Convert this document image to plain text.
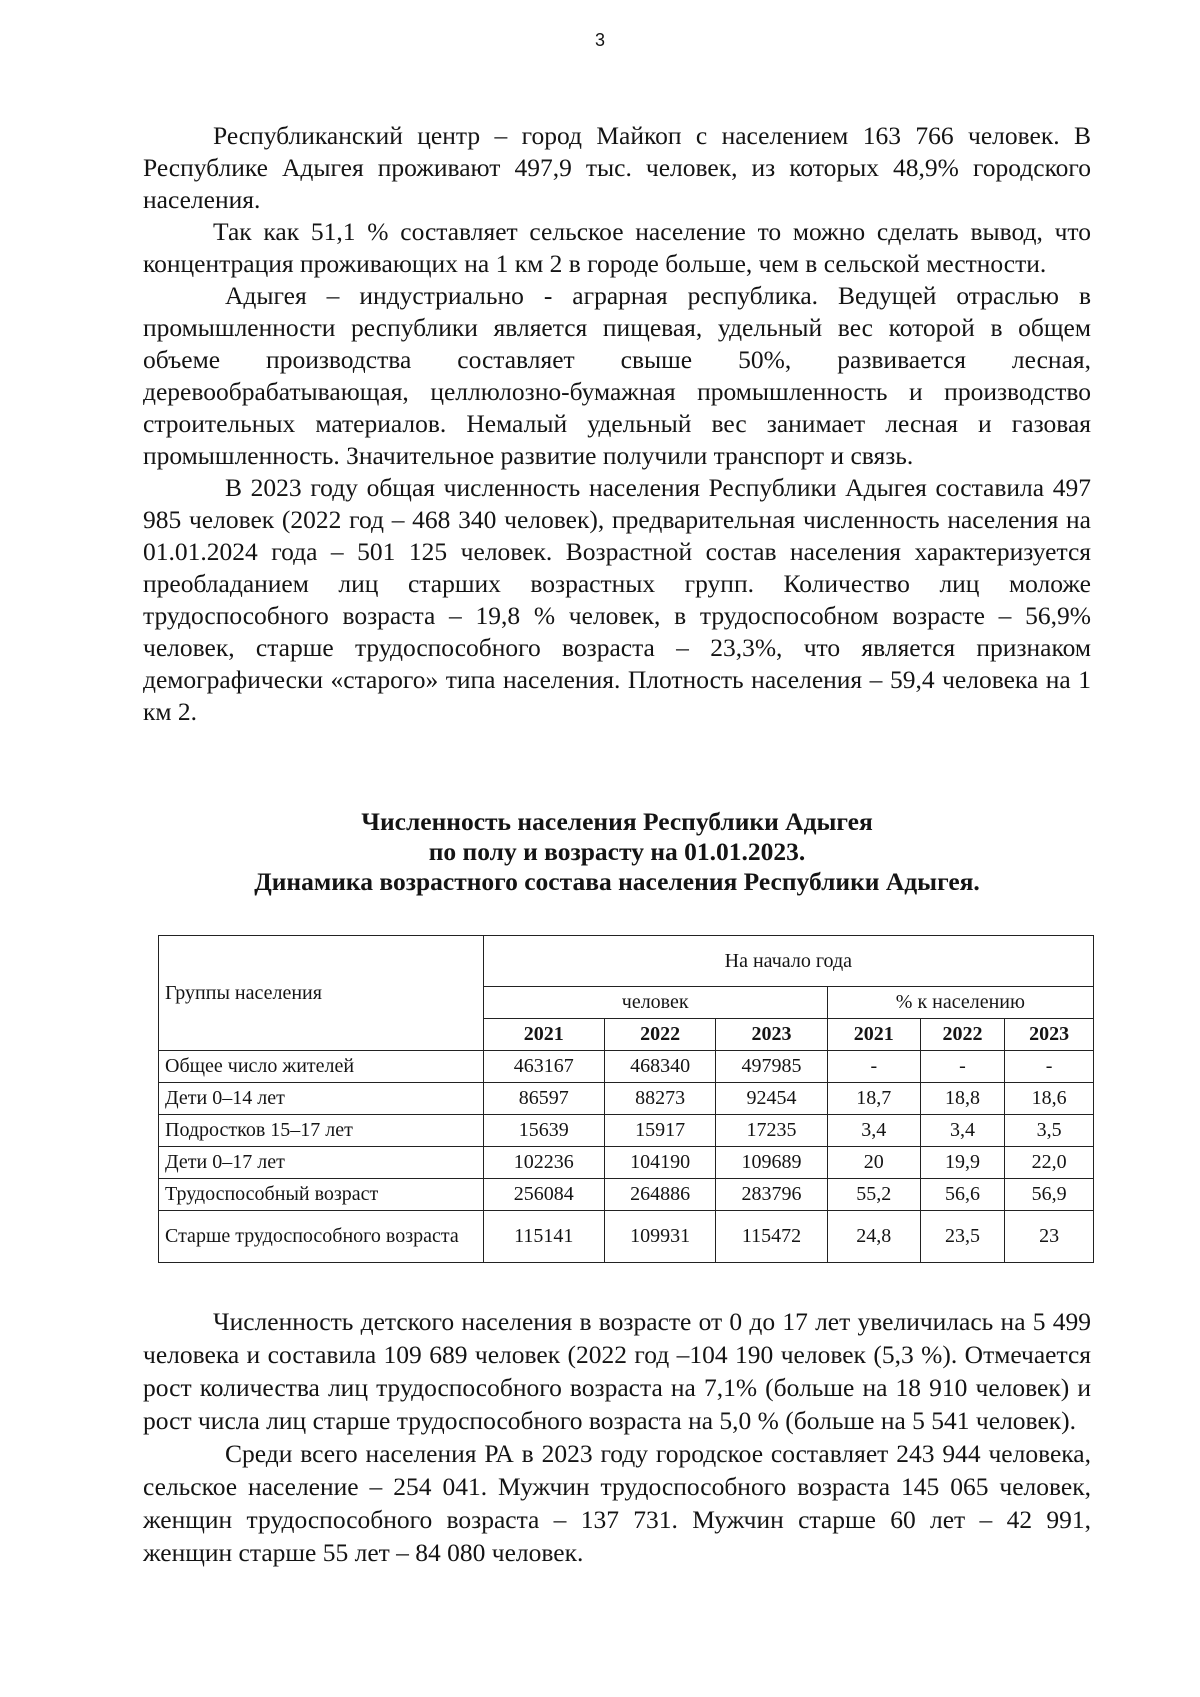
3

Республиканский центр – город Майкоп с населением 163 766 человек. В Республике Адыгея проживают 497,9 тыс. человек, из которых 48,9% городского населения.

Так как 51,1 % составляет сельское население то можно сделать вывод, что концентрация проживающих на 1 км 2 в городе больше, чем в сельской местности.

Адыгея – индустриально - аграрная республика. Ведущей отраслью в промышленности республики является пищевая, удельный вес которой в общем объеме производства составляет свыше 50%, развивается лесная, деревообрабатывающая, целлюлозно-бумажная промышленность и производство строительных материалов. Немалый удельный вес занимает лесная и газовая промышленность. Значительное развитие получили транспорт и связь.

В 2023 году общая численность населения Республики Адыгея составила 497 985 человек (2022 год – 468 340 человек), предварительная численность населения на 01.01.2024 года – 501 125 человек. Возрастной состав населения характеризуется преобладанием лиц старших возрастных групп. Количество лиц моложе трудоспособного возраста – 19,8 % человек, в трудоспособном возрасте – 56,9% человек, старше трудоспособного возраста – 23,3%, что является признаком демографически «старого» типа населения. Плотность населения – 59,4 человека на 1 км 2.

Численность населения Республики Адыгея
по полу и возрасту на 01.01.2023.
Динамика возрастного состава населения Республики Адыгея.
Группы населения	На начало года					
	человек			% к населению		
	2021	2022	2023	2021	2022	2023
Общее число жителей	463167	468340	497985	-	-	-
Дети 0–14 лет	86597	88273	92454	18,7	18,8	18,6
Подростков 15–17 лет	15639	15917	17235	3,4	3,4	3,5
Дети 0–17 лет	102236	104190	109689	20	19,9	22,0
Трудоспособный возраст	256084	264886	283796	55,2	56,6	56,9
Старше трудоспособного возраста	115141	109931	115472	24,8	23,5	23

Численность детского населения в возрасте от 0 до 17 лет увеличилась на 5 499 человека и составила 109 689 человек (2022 год –104 190 человек (5,3 %). Отмечается рост количества лиц трудоспособного возраста на 7,1% (больше на 18 910 человек) и рост числа лиц старше трудоспособного возраста на 5,0 % (больше на 5 541 человек).

Среди всего населения РА в 2023 году городское составляет 243 944 человека, сельское население – 254 041. Мужчин трудоспособного возраста 145 065 человек, женщин трудоспособного возраста – 137 731. Мужчин старше 60 лет – 42 991, женщин старше 55 лет – 84 080 человек.
